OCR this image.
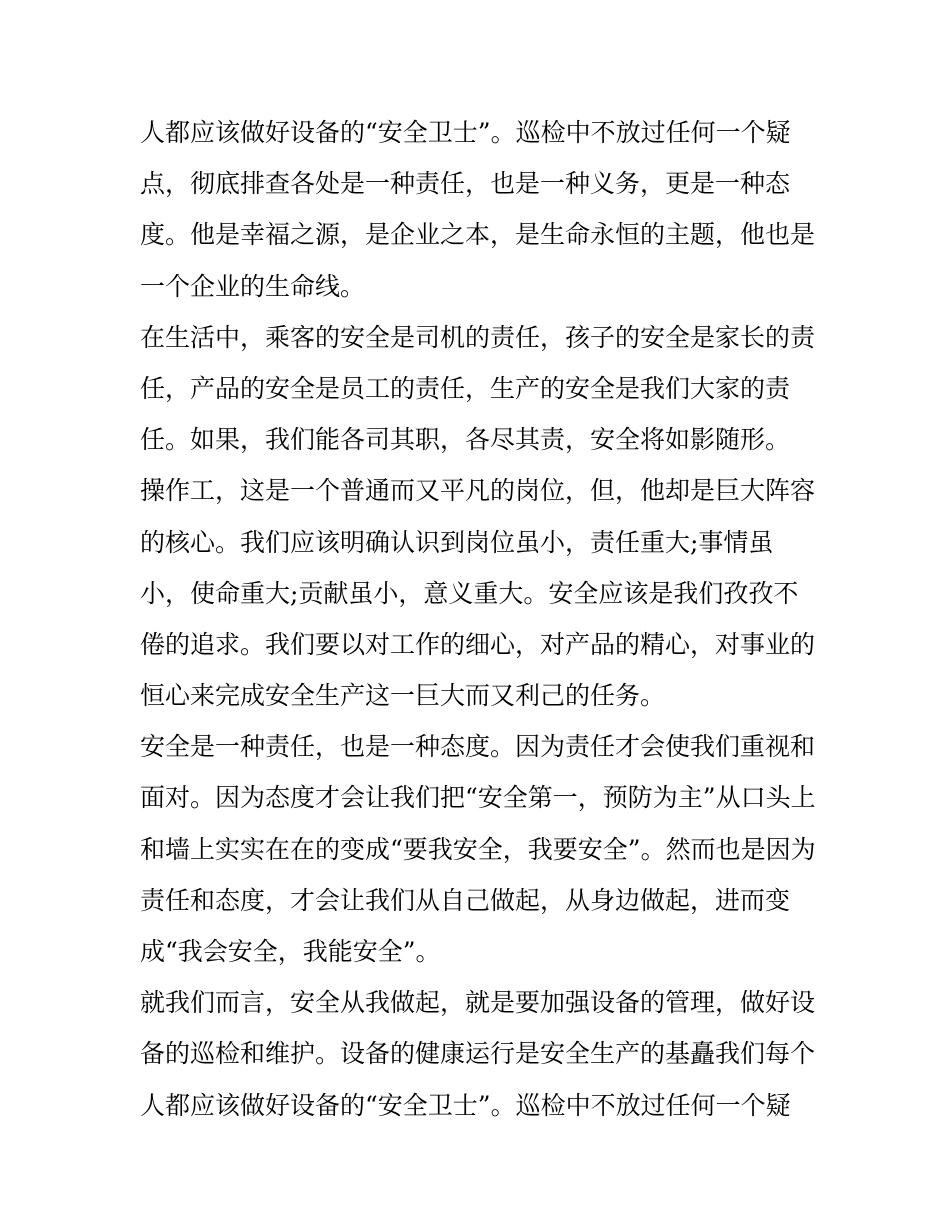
人都应该做好设备的“安全卫士”。巡检中不放过任何一个疑
点，彻底排查各处是一种责任，也是一种义务，更是一种态
度。他是幸福之源，是企业之本，是生命永恒的主题，他也是
一个企业的生命线。
在生活中，乘客的安全是司机的责任，孩子的安全是家长的责
任，产品的安全是员工的责任，生产的安全是我们大家的责
任。如果，我们能各司其职，各尽其责，安全将如影随形。
操作工，这是一个普通而又平凡的岗位，但，他却是巨大阵容
的核心。我们应该明确认识到岗位虽小，责任重大;事情虽
小，使命重大;贡献虽小，意义重大。安全应该是我们孜孜不
倦的追求。我们要以对工作的细心，对产品的精心，对事业的
恒心来完成安全生产这一巨大而又利己的任务。
安全是一种责任，也是一种态度。因为责任才会使我们重视和
面对。因为态度才会让我们把“安全第一，预防为主”从口头上
和墙上实实在在的变成“要我安全，我要安全”。然而也是因为
责任和态度，才会让我们从自己做起，从身边做起，进而变
成“我会安全，我能安全”。
就我们而言，安全从我做起，就是要加强设备的管理，做好设
备的巡检和维护。设备的健康运行是安全生产的基矗我们每个
人都应该做好设备的“安全卫士”。巡检中不放过任何一个疑
